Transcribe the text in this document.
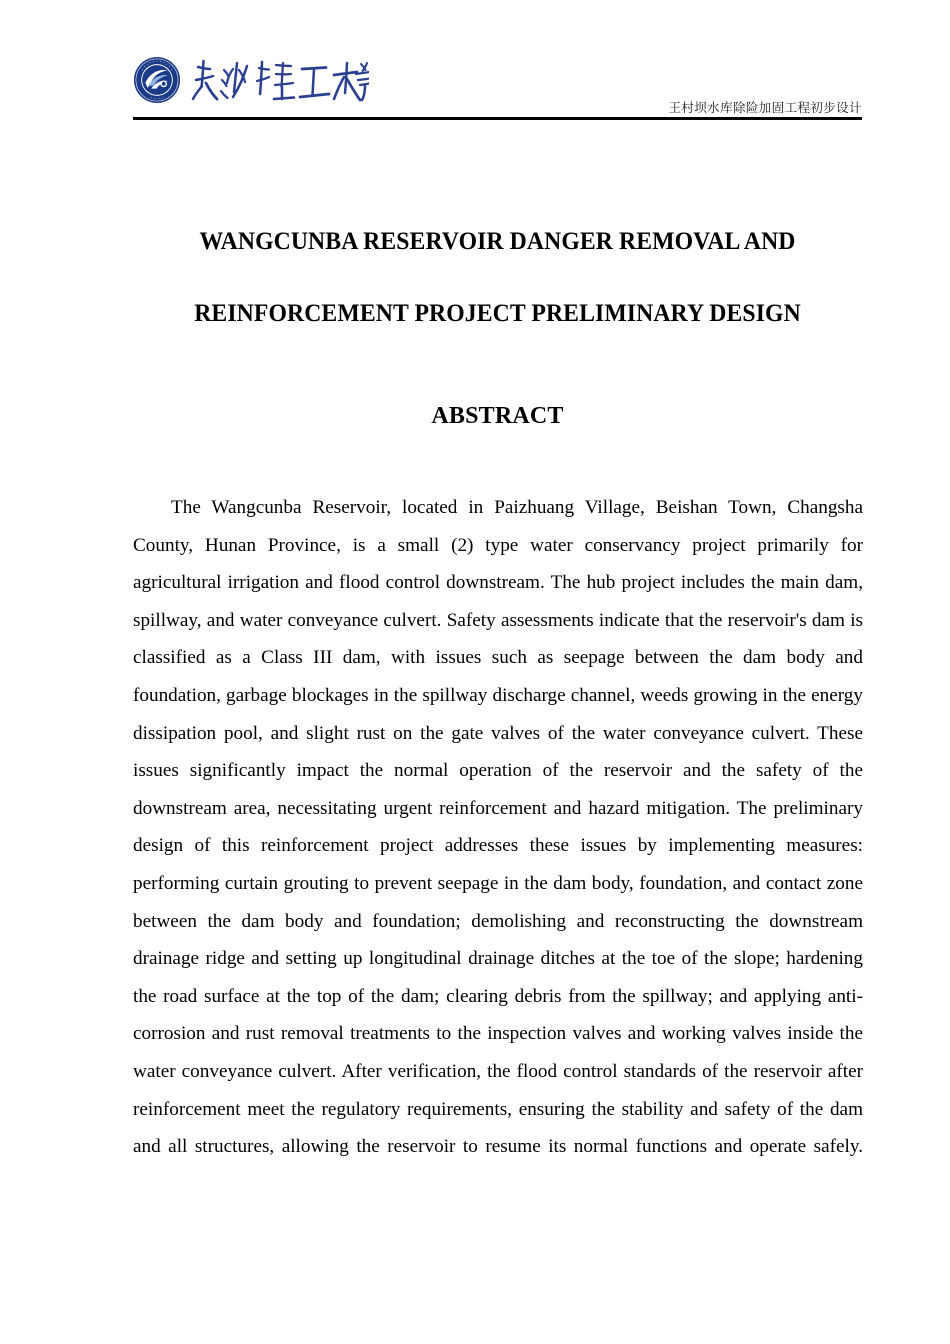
王村坝水库除险加固工程初步设计
WANGCUNBA RESERVOIR DANGER REMOVAL AND
REINFORCEMENT PROJECT PRELIMINARY DESIGN
ABSTRACT

The Wangcunba Reservoir, located in Paizhuang Village, Beishan Town, Changsha County, Hunan Province, is a small (2) type water conservancy project primarily for agricultural irrigation and flood control downstream. The hub project includes the main dam, spillway, and water conveyance culvert. Safety assessments indicate that the reservoir's dam is classified as a Class III dam, with issues such as seepage between the dam body and foundation, garbage blockages in the spillway discharge channel, weeds growing in the energy dissipation pool, and slight rust on the gate valves of the water conveyance culvert. These issues significantly impact the normal operation of the reservoir and the safety of the downstream area, necessitating urgent reinforcement and hazard mitigation. The preliminary design of this reinforcement project addresses these issues by implementing measures: performing curtain grouting to prevent seepage in the dam body, foundation, and contact zone between the dam body and foundation; demolishing and reconstructing the downstream drainage ridge and setting up longitudinal drainage ditches at the toe of the slope; hardening the road surface at the top of the dam; clearing debris from the spillway; and applying anti-corrosion and rust removal treatments to the inspection valves and working valves inside the water conveyance culvert. After verification, the flood control standards of the reservoir after reinforcement meet the regulatory requirements, ensuring the stability and safety of the dam and all structures, allowing the reservoir to resume its normal functions and operate safely.
